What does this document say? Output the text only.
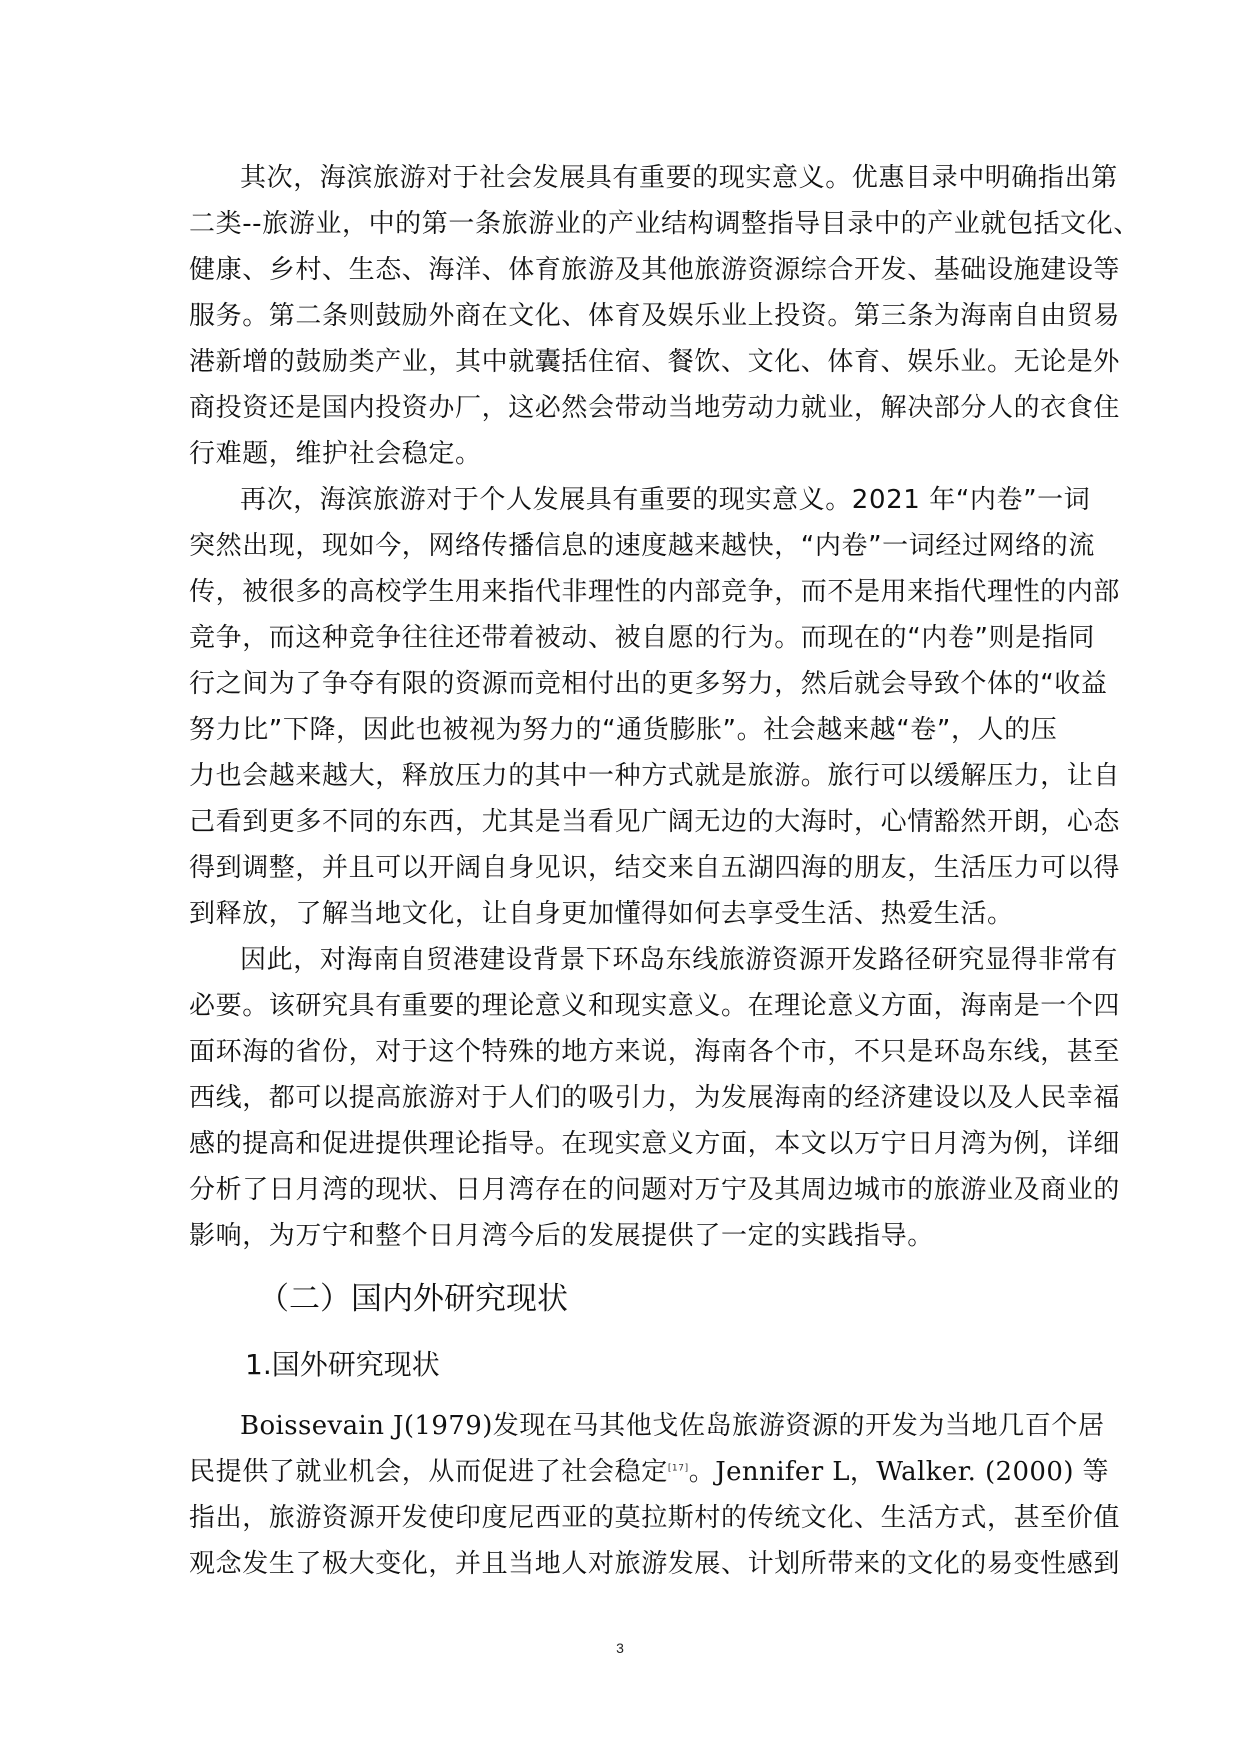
其次，海滨旅游对于社会发展具有重要的现实意义。优惠目录中明确指出第
二类--旅游业，中的第一条旅游业的产业结构调整指导目录中的产业就包括文化、
健康、乡村、生态、海洋、体育旅游及其他旅游资源综合开发、基础设施建设等
服务。第二条则鼓励外商在文化、体育及娱乐业上投资。第三条为海南自由贸易
港新增的鼓励类产业，其中就囊括住宿、餐饮、文化、体育、娱乐业。无论是外
商投资还是国内投资办厂，这必然会带动当地劳动力就业，解决部分人的衣食住
行难题，维护社会稳定。
再次，海滨旅游对于个人发展具有重要的现实意义。2021 年“内卷”一词
突然出现，现如今，网络传播信息的速度越来越快，“内卷”一词经过网络的流
传，被很多的高校学生用来指代非理性的内部竞争，而不是用来指代理性的内部
竞争，而这种竞争往往还带着被动、被自愿的行为。而现在的“内卷”则是指同
行之间为了争夺有限的资源而竞相付出的更多努力，然后就会导致个体的“收益
努力比”下降，因此也被视为努力的“通货膨胀”。社会越来越“卷”，人的压
力也会越来越大，释放压力的其中一种方式就是旅游。旅行可以缓解压力，让自
己看到更多不同的东西，尤其是当看见广阔无边的大海时，心情豁然开朗，心态
得到调整，并且可以开阔自身见识，结交来自五湖四海的朋友，生活压力可以得
到释放，了解当地文化，让自身更加懂得如何去享受生活、热爱生活。
因此，对海南自贸港建设背景下环岛东线旅游资源开发路径研究显得非常有
必要。该研究具有重要的理论意义和现实意义。在理论意义方面，海南是一个四
面环海的省份，对于这个特殊的地方来说，海南各个市，不只是环岛东线，甚至
西线，都可以提高旅游对于人们的吸引力，为发展海南的经济建设以及人民幸福
感的提高和促进提供理论指导。在现实意义方面，本文以万宁日月湾为例，详细
分析了日月湾的现状、日月湾存在的问题对万宁及其周边城市的旅游业及商业的
影响，为万宁和整个日月湾今后的发展提供了一定的实践指导。
（二）国内外研究现状
1.国外研究现状
Boissevain J(1979)发现在马其他戈佐岛旅游资源的开发为当地几百个居
民提供了就业机会，从而促进了社会稳定[17]。Jennifer L，Walker. (2000) 等
指出，旅游资源开发使印度尼西亚的莫拉斯村的传统文化、生活方式，甚至价值
观念发生了极大变化，并且当地人对旅游发展、计划所带来的文化的易变性感到
3
